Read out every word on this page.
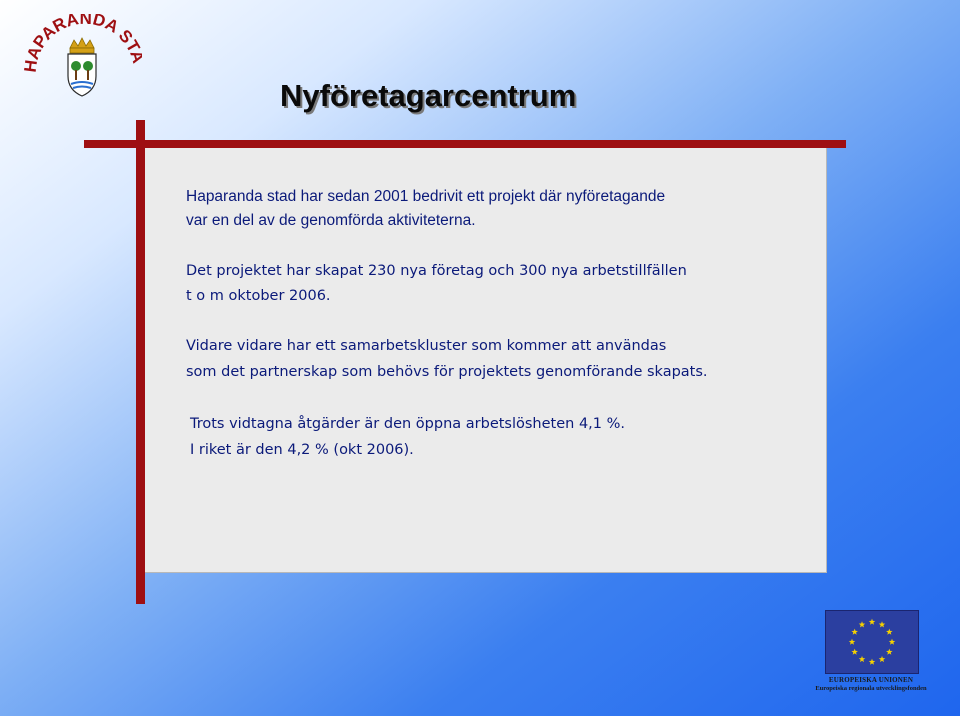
APARANDA ST
Nyföretagarcentrum

Haparanda stad har sedan 2001 bedrivit ett projekt där nyföretagande
var en del av de genomförda aktiviteterna.

Det projektet har skapat 230 nya företag och 300 nya arbetstillfällen
t o m oktober 2006.

Vidare vidare har ett samarbetskluster som kommer att användas
som det partnerskap som behövs för projektets genomförande skapats.

Trots vidtagna åtgärder är den öppna arbetslösheten 4,1 %.
I riket är den 4,2 % (okt 2006).

EUROPEISKA UNIONEN
Europeiska regionala utvecklingsfonden
